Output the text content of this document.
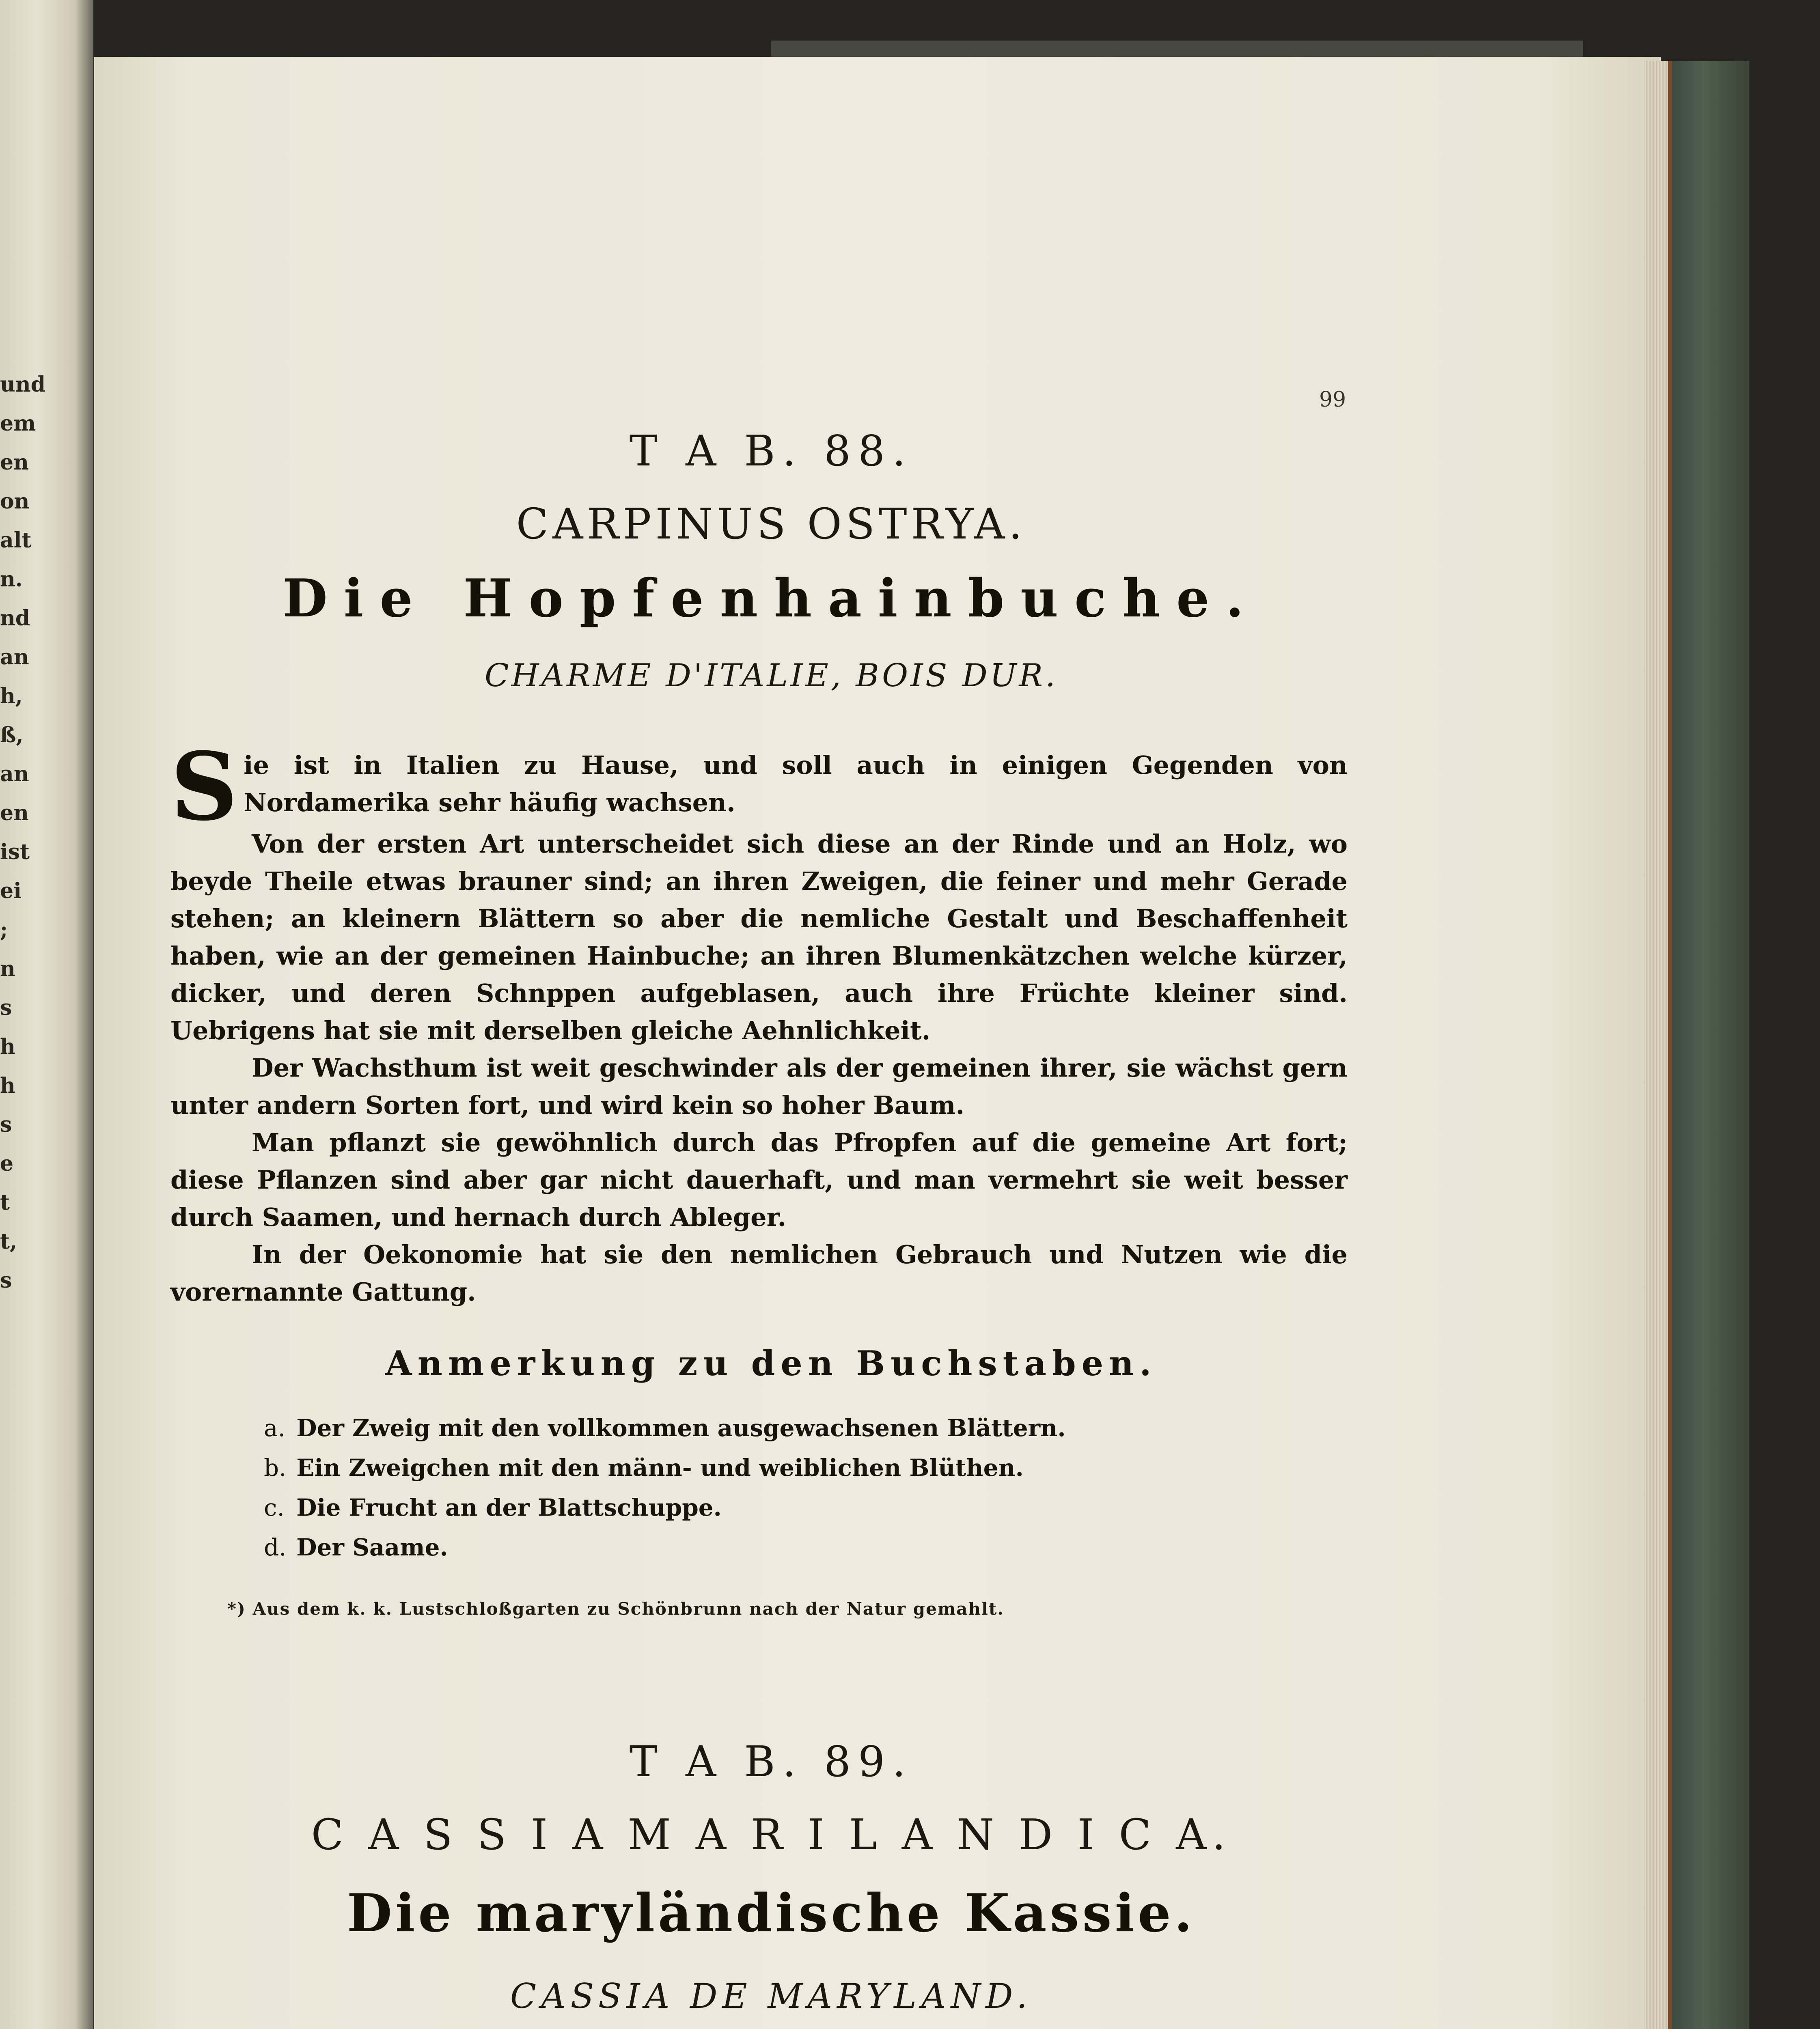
und
em
en
on
alt
n.
nd
an
h,
ß,
an
en
ist
ei
;
n
s
h
h
s
e
t
t,
s
99
T A B. 88.
CARPINUS OSTRYA.
Die Hopfenhainbuche.
CHARME D'ITALIE, BOIS DUR.

Sie ist in Italien zu Hause, und soll auch in einigen Gegenden von Nordamerika sehr häufig wachsen.

Von der ersten Art unterscheidet sich diese an der Rinde und an Holz, wo beyde Theile etwas brauner sind; an ihren Zweigen, die feiner und mehr Gerade stehen; an kleinern Blättern so aber die nemliche Gestalt und Beschaffenheit haben, wie an der gemeinen Hainbuche; an ihren Blumenkätzchen welche kürzer, dicker, und deren Schnppen aufgeblasen, auch ihre Früchte kleiner sind. Uebrigens hat sie mit derselben gleiche Aehnlichkeit.

Der Wachsthum ist weit geschwinder als der gemeinen ihrer, sie wächst gern unter andern Sorten fort, und wird kein so hoher Baum.

Man pflanzt sie gewöhnlich durch das Pfropfen auf die gemeine Art fort; diese Pflanzen sind aber gar nicht dauerhaft, und man vermehrt sie weit besser durch Saamen, und hernach durch Ableger.

In der Oekonomie hat sie den nemlichen Gebrauch und Nutzen wie die vorernannte Gattung.

Anmerkung zu den Buchstaben.
a. Der Zweig mit den vollkommen ausgewachsenen Blättern.
b. Ein Zweigchen mit den männ- und weiblichen Blüthen.
c. Die Frucht an der Blattschuppe.
d. Der Saame.
*) Aus dem k. k. Lustschloßgarten zu Schönbrunn nach der Natur gemahlt.
T A B. 89.
C A S S I A M A R I L A N D I C A.
Die maryländische Kassie.
CASSIA DE MARYLAND.
